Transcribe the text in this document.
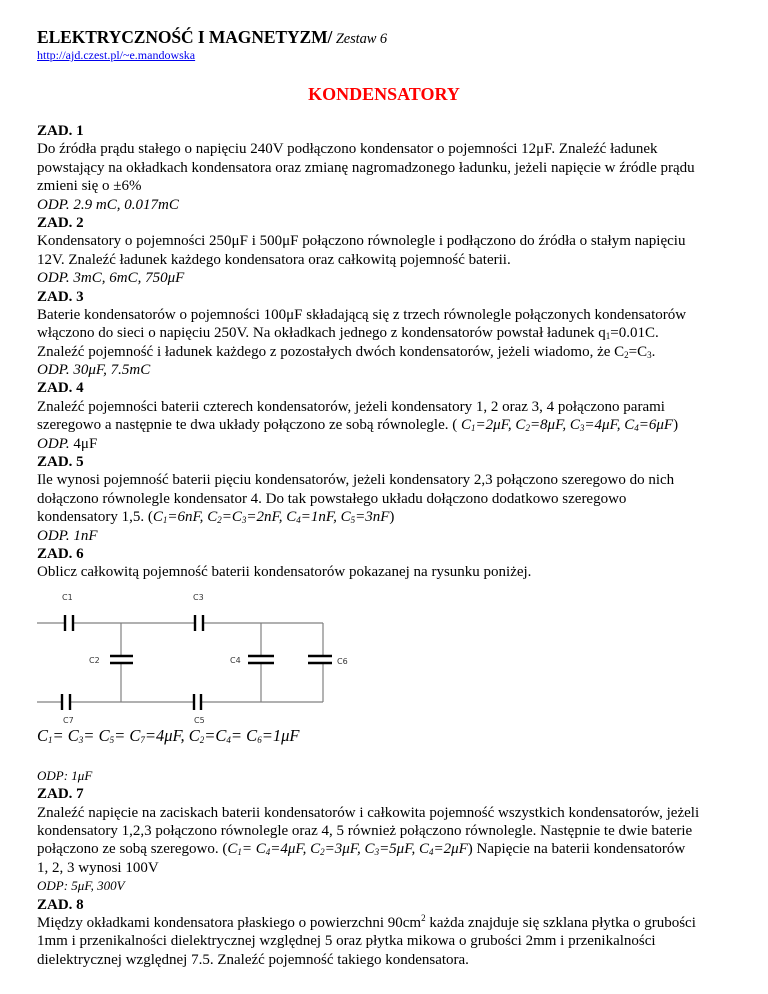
ELEKTRYCZNOŚĆ I MAGNETYZM/ Zestaw 6
http://ajd.czest.pl/~e.mandowska
KONDENSATORY
ZAD. 1
Do źródła prądu stałego o napięciu 240V podłączono kondensator o pojemności 12μF. Znaleźć ładunek
powstający na okładkach kondensatora oraz zmianę nagromadzonego ładunku, jeżeli napięcie w źródle prądu
zmieni się o ±6%
ODP. 2.9 mC, 0.017mC
ZAD. 2
Kondensatory o pojemności 250μF i 500μF połączono równolegle i podłączono do źródła o stałym napięciu
12V. Znaleźć ładunek każdego kondensatora oraz całkowitą pojemność baterii.
ODP. 3mC, 6mC, 750μF
ZAD. 3
Baterie kondensatorów o pojemności 100μF składającą się z trzech równolegle połączonych kondensatorów
włączono do sieci o napięciu 250V. Na okładkach jednego z kondensatorów powstał ładunek $q_1=0.01C$.
Znaleźć pojemność i ładunek każdego z pozostałych dwóch kondensatorów, jeżeli wiadomo, że $C_2=C_3$.
ODP. 30μF, 7.5mC
ZAD. 4
Znaleźć pojemności baterii czterech kondensatorów, jeżeli kondensatory 1, 2 oraz 3, 4 połączono parami
szeregowo a następnie te dwa układy połączono ze sobą równolegle. ( $C_1=2\mu F$, $C_2=8\mu F$, $C_3=4\mu F$, $C_4=6\mu F$)
ODP. 4μF
ZAD. 5
Ile wynosi pojemność baterii pięciu kondensatorów, jeżeli kondensatory 2,3 połączono szeregowo do nich
dołączono równolegle kondensator 4. Do tak powstałego układu dołączono dodatkowo szeregowo
kondensatory 1,5. ($C_1=6nF$, $C_2=C_3=2nF$, $C_4=1nF$, $C_5=3nF$)
ODP. 1nF
ZAD. 6
Oblicz całkowitą pojemność baterii kondensatorów pokazanej na rysunku poniżej.
C1
C2
C3
C4
C5
C6
C7
$C_1= C_3= C_5= C_7=4\mu F$, $C_2=C_4= C_6=1\mu F$
ODP: 1μF
ZAD. 7
Znaleźć napięcie na zaciskach baterii kondensatorów i całkowita pojemność wszystkich kondensatorów, jeżeli
kondensatory 1,2,3 połączono równolegle oraz 4, 5 również połączono równolegle. Następnie te dwie baterie
połączono ze sobą szeregowo. ($C_1= C_4=4\mu F$, $C_2=3\mu F$, $C_3=5\mu F$, $C_4=2\mu F$) Napięcie na baterii kondensatorów
1, 2, 3 wynosi 100V
ODP: 5μF, 300V
ZAD. 8
Między okładkami kondensatora płaskiego o powierzchni $90cm^2$ każda znajduje się szklana płytka o grubości
1mm i przenikalności dielektrycznej względnej 5 oraz płytka mikowa o grubości 2mm i przenikalności
dielektrycznej względnej 7.5. Znaleźć pojemność takiego kondensatora.
